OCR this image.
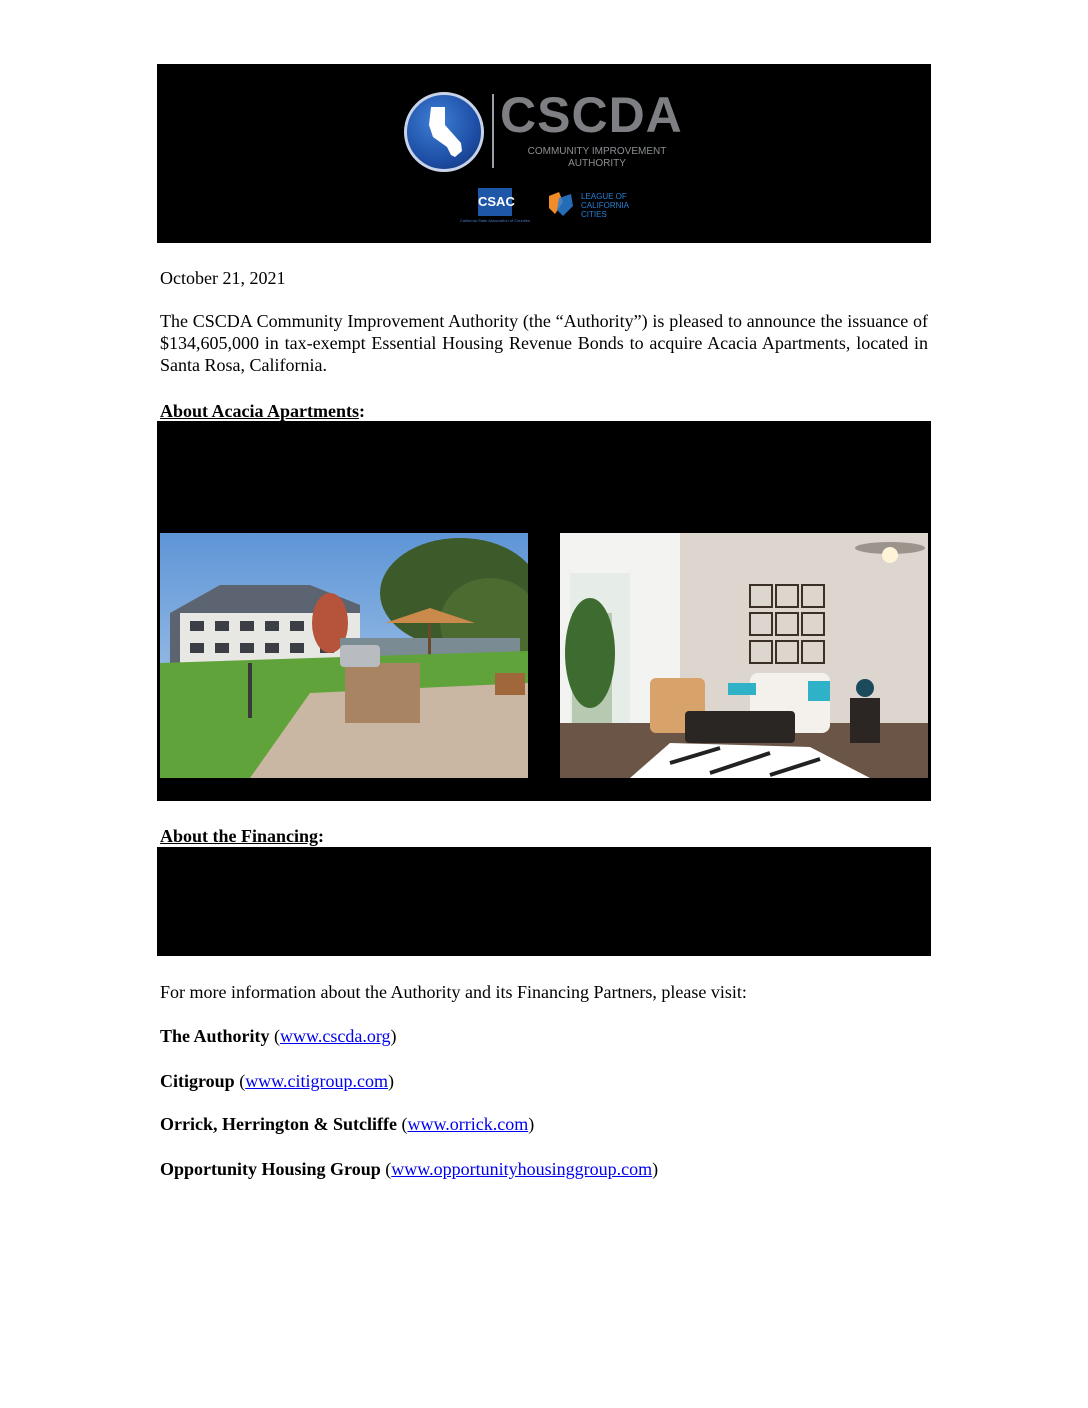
CSCDA
COMMUNITY IMPROVEMENT
AUTHORITY
CSAC
California State Association of Counties
LEAGUE OF
CALIFORNIA
CITIES
October 21, 2021
The CSCDA Community Improvement Authority (the “Authority”) is pleased to announce the issuance of $134,605,000 in tax-exempt Essential Housing Revenue Bonds to acquire Acacia Apartments, located in Santa Rosa, California.
About Acacia Apartments:
About the Financing:
For more information about the Authority and its Financing Partners, please visit:
The Authority (www.cscda.org)
Citigroup (www.citigroup.com)
Orrick, Herrington & Sutcliffe (www.orrick.com)
Opportunity Housing Group (www.opportunityhousinggroup.com)
